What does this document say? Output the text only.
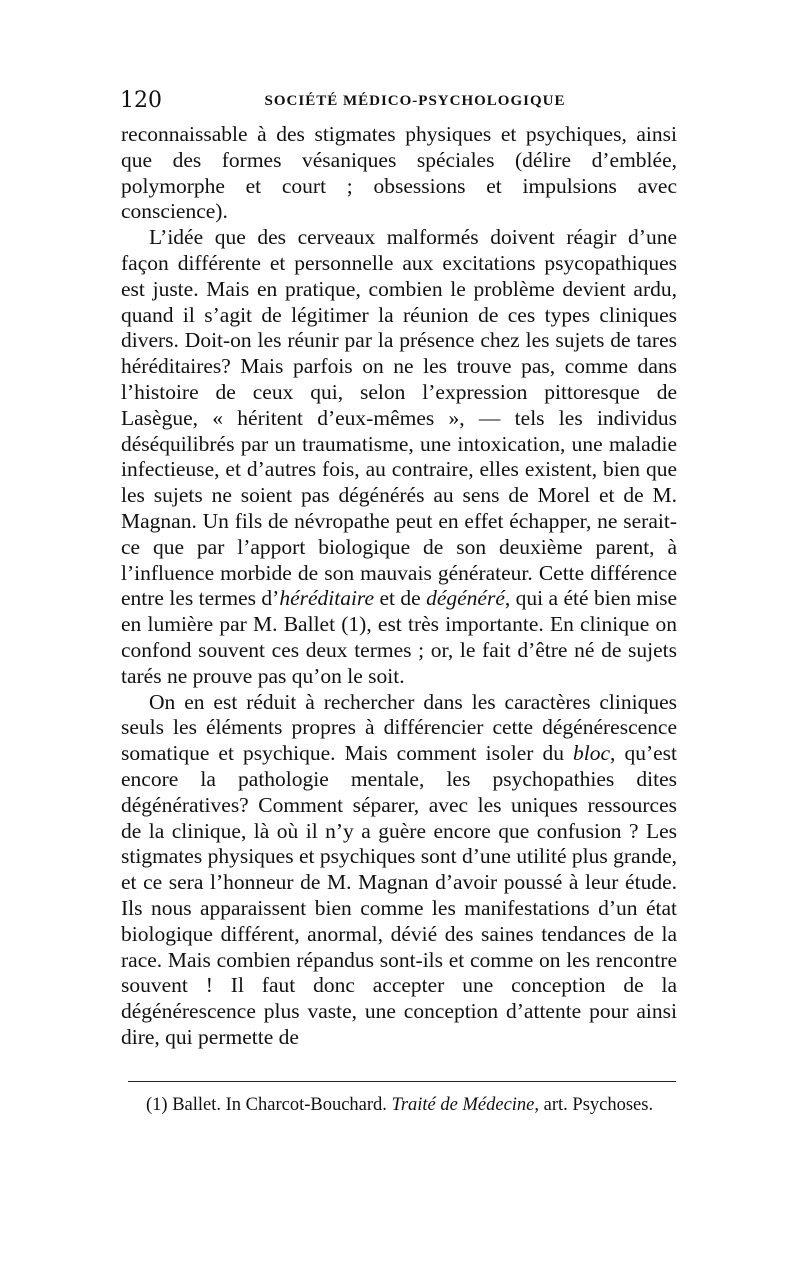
120	SOCIÉTÉ MÉDICO-PSYCHOLOGIQUE

reconnaissable à des stigmates physiques et psychiques, ainsi que des formes vésaniques spéciales (délire d’emblée, polymorphe et court ; obsessions et impulsions avec conscience).

L’idée que des cerveaux malformés doivent réagir d’une façon différente et personnelle aux excitations psycopathiques est juste. Mais en pratique, combien le problème devient ardu, quand il s’agit de légitimer la réunion de ces types cliniques divers. Doit-on les réunir par la présence chez les sujets de tares héréditaires? Mais parfois on ne les trouve pas, comme dans l’histoire de ceux qui, selon l’expression pittoresque de Lasègue, « héritent d’eux-mêmes », — tels les individus déséquilibrés par un traumatisme, une intoxication, une maladie infectieuse, et d’autres fois, au contraire, elles existent, bien que les sujets ne soient pas dégénérés au sens de Morel et de M. Magnan. Un fils de névropathe peut en effet échapper, ne serait-ce que par l’apport biologique de son deuxième parent, à l’influence morbide de son mauvais générateur. Cette différence entre les termes d’héréditaire et de dégénéré, qui a été bien mise en lumière par M. Ballet (1), est très importante. En clinique on confond souvent ces deux termes ; or, le fait d’être né de sujets tarés ne prouve pas qu’on le soit.

On en est réduit à rechercher dans les caractères cliniques seuls les éléments propres à différencier cette dégénérescence somatique et psychique. Mais comment isoler du bloc, qu’est encore la pathologie mentale, les psychopathies dites dégénératives? Comment séparer, avec les uniques ressources de la clinique, là où il n’y a guère encore que confusion ? Les stigmates physiques et psychiques sont d’une utilité plus grande, et ce sera l’honneur de M. Magnan d’avoir poussé à leur étude. Ils nous apparaissent bien comme les manifestations d’un état biologique différent, anormal, dévié des saines tendances de la race. Mais combien répandus sont-ils et comme on les rencontre souvent ! Il faut donc accepter une conception de la dégénérescence plus vaste, une conception d’attente pour ainsi dire, qui permette de

(1) Ballet. In Charcot-Bouchard. Traité de Médecine, art. Psychoses.
